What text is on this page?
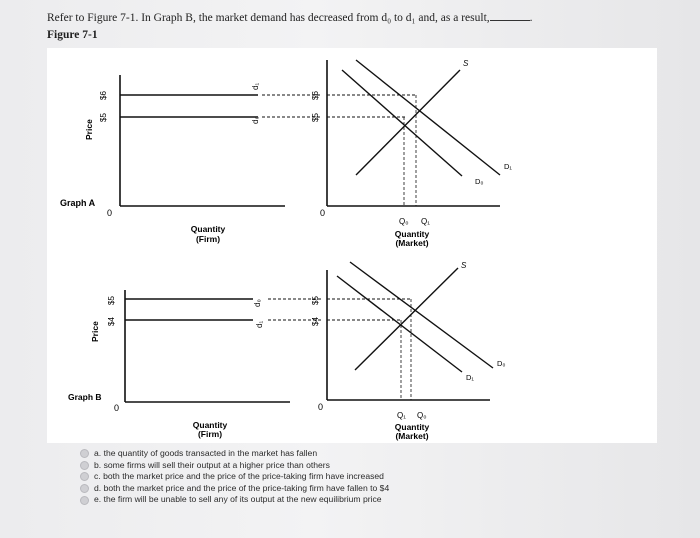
Refer to Figure 7-1. In Graph B, the market demand has decreased from d₀ to d₁ and, as a result,	.
Figure 7-1
Graph A
Price
0
$6
$5
d₁
d₀
Quantity
(Firm)
0
$6
$5
S
D₀
D₁
Q₀ Q₁
Quantity
(Market)
Graph B
Price
0
$5
$4
d₀
d₁
Quantity
(Firm)
0
$5
$4
S
D₀
D₁
Q₁ Q₀
Quantity
(Market)
a.
the quantity of goods transacted in the market has fallen
b.
some firms will sell their output at a higher price than others
c.
both the market price and the price of the price-taking firm have increased
d.
both the market price and the price of the price-taking firm have fallen to $4
e.
the firm will be unable to sell any of its output at the new equilibrium price
